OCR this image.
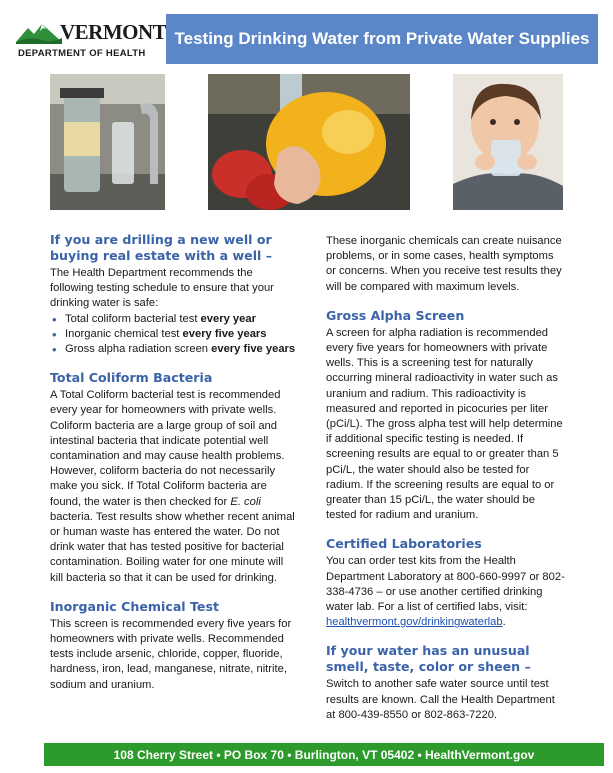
VERMONT
DEPARTMENT OF HEALTH
Testing Drinking Water from Private Water Supplies
If you are drilling a new well or buying real estate with a well –

The Health Department recommends the following testing schedule to ensure that your drinking water is safe:

• Total coliform bacterial test every year
• Inorganic chemical test every five years
• Gross alpha radiation screen every five years
Total Coliform Bacteria

A Total Coliform bacterial test is recommended every year for homeowners with private wells. Coliform bacteria are a large group of soil and intestinal bacteria that indicate potential well contamination and may cause health problems. However, coliform bacteria do not necessarily make you sick. If Total Coliform bacteria are found, the water is then checked for E. coli bacteria. Test results show whether recent animal or human waste has entered the water. Do not drink water that has tested positive for bacterial contamination. Boiling water for one minute will kill bacteria so that it can be used for drinking.

Inorganic Chemical Test

This screen is recommended every five years for homeowners with private wells. Recommended tests include arsenic, chloride, copper, fluoride, hardness, iron, lead, manganese, nitrate, nitrite, sodium and uranium.

These inorganic chemicals can create nuisance problems, or in some cases, health symptoms or concerns. When you receive test results they will be compared with maximum levels.

Gross Alpha Screen

A screen for alpha radiation is recommended every five years for homeowners with private wells. This is a screening test for naturally occurring mineral radioactivity in water such as uranium and radium. This radioactivity is measured and reported in picocuries per liter (pCi/L). The gross alpha test will help determine if additional specific testing is needed. If screening results are equal to or greater than 5 pCi/L, the water should also be tested for radium. If the screening results are equal to or greater than 15 pCi/L, the water should be tested for radium and uranium.

Certified Laboratories

You can order test kits from the Health Department Laboratory at 800-660-9997 or 802-338-4736 – or use another certified drinking water lab. For a list of certified labs, visit: healthvermont.gov/drinkingwaterlab.

If your water has an unusual smell, taste, color or sheen –

Switch to another safe water source until test results are known. Call the Health Department at 800-439-8550 or 802-863-7220.

108 Cherry Street • PO Box 70 • Burlington, VT 05402 • HealthVermont.gov
